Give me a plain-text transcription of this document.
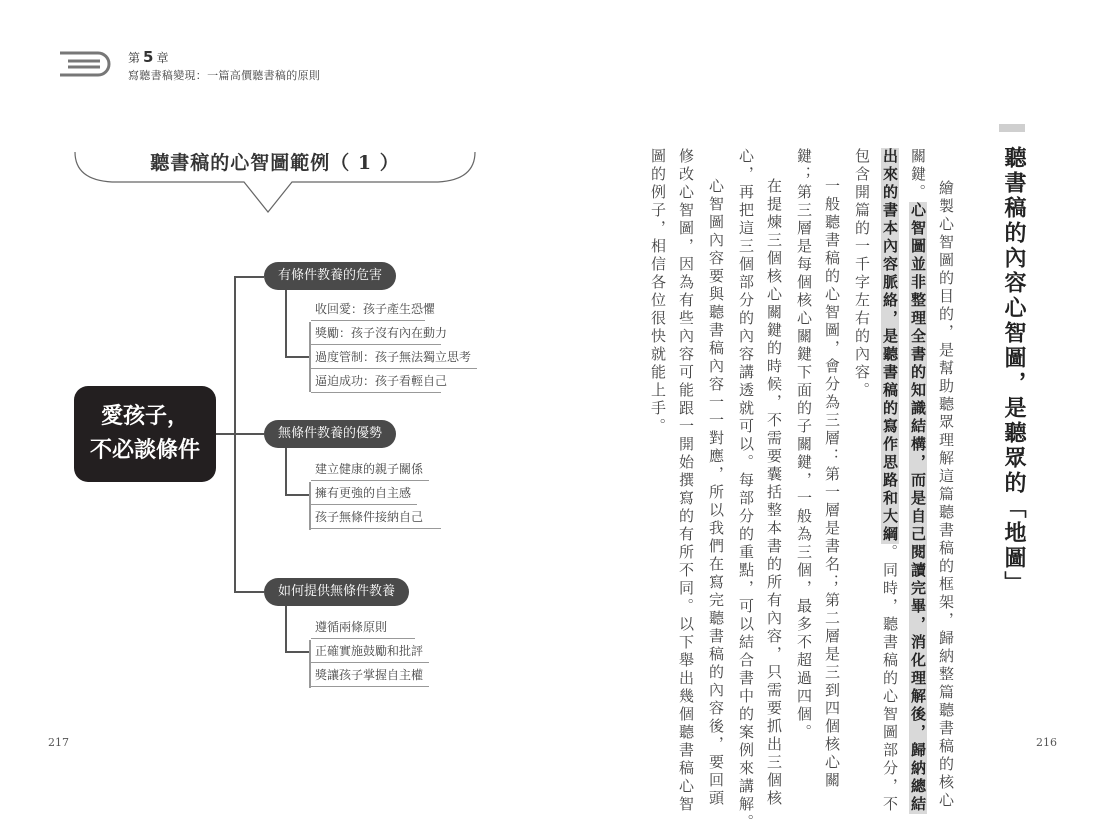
第 5 章
寫聽書稿變現：一篇高價聽書稿的原則
聽書稿的心智圖範例（ 1 ）
有條件教養的危害
收回愛：孩子產生恐懼
獎勵：孩子沒有內在動力
過度管制：孩子無法獨立思考
逼迫成功：孩子看輕自己
愛孩子，
不必談條件
無條件教養的優勢
建立健康的親子關係
擁有更強的自主感
孩子無條件接納自己
如何提供無條件教養
遵循兩條原則
正確實施鼓勵和批評
獎讓孩子掌握自主權
217
聽書稿的內容心智圖，是聽眾的「地圖」
繪製心智圖的目的，是幫助聽眾理解這篇聽書稿的框架，歸納整篇聽書稿的核心
關鍵。心智圖並非整理全書的知識結構，而是自己閱讀完畢，消化理解後，歸納總結
出來的書本內容脈絡，是聽書稿的寫作思路和大綱。同時，聽書稿的心智圖部分，不
包含開篇的一千字左右的內容。
　一般聽書稿的心智圖，會分為三層：第一層是書名；第二層是三到四個核心關
鍵；第三層是每個核心關鍵下面的子關鍵，一般為三個，最多不超過四個。
　在提煉三個核心關鍵的時候，不需要囊括整本書的所有內容，只需要抓出三個核
心，再把這三個部分的內容講透就可以。每部分的重點，可以結合書中的案例來講解。
　心智圖內容要與聽書稿內容一一對應，所以我們在寫完聽書稿的內容後，要回頭
修改心智圖，因為有些內容可能跟一開始撰寫的有所不同。以下舉出幾個聽書稿心智
圖的例子，相信各位很快就能上手。
216
